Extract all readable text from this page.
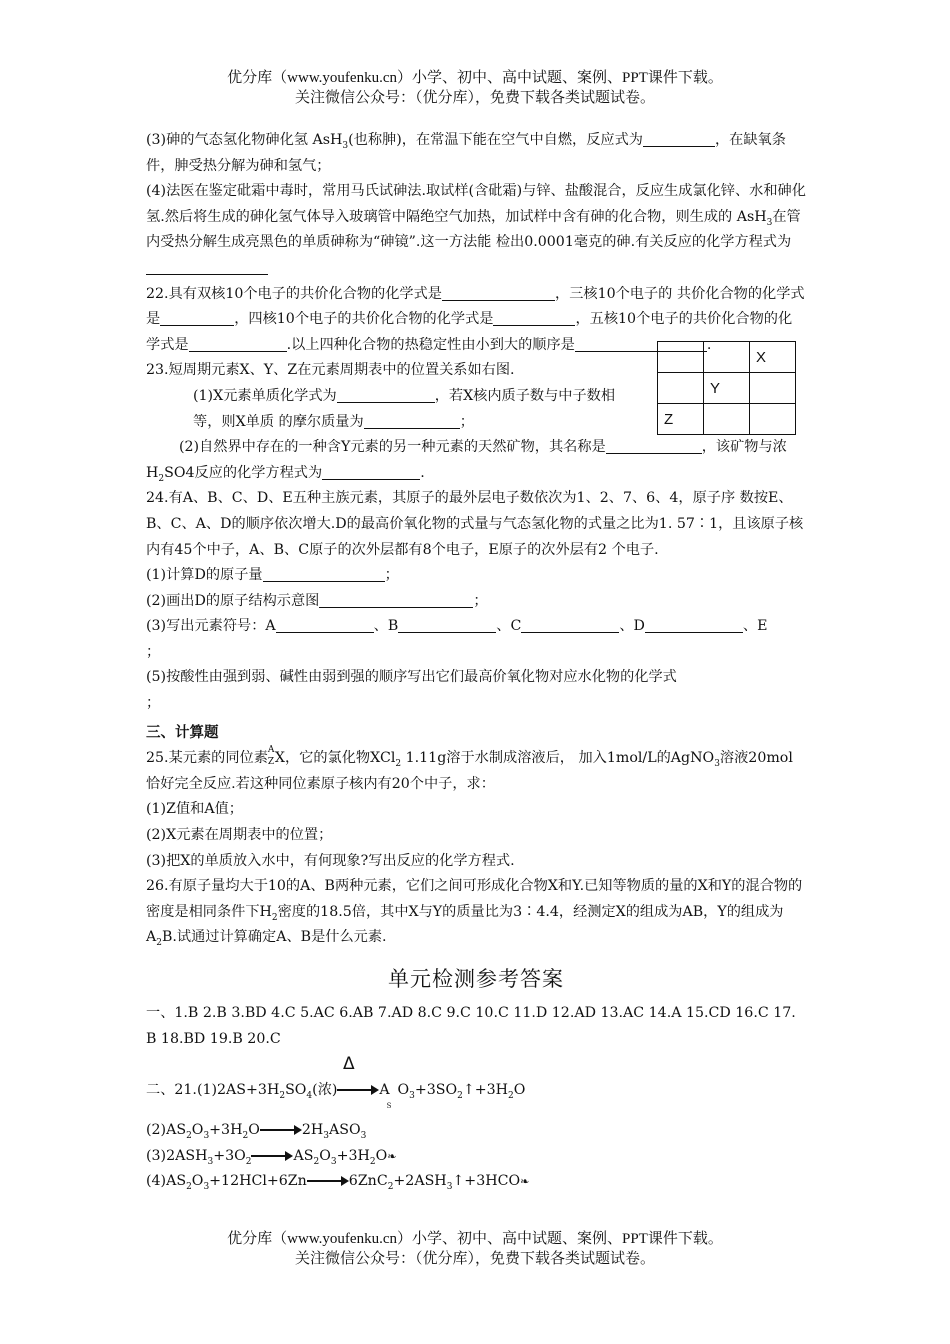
优分库（www.youfenku.cn）小学、初中、高中试题、案例、PPT课件下载。
关注微信公众号：（优分库），免费下载各类试题试卷。
		X
	Y	
Z		

(3)砷的气态氢化物砷化氢 AsH$_3$(也称胂)，在常温下能在空气中自燃，反应式为	，在缺氧条件，胂受热分解为砷和氢气；

(4)法医在鉴定砒霜中毒时，常用马氏试砷法.取试样(含砒霜)与锌、盐酸混合，反应生成氯化锌、水和砷化氢.然后将生成的砷化氢气体导入玻璃管中隔绝空气加热，加试样中含有砷的化合物，则生成的 AsH$_3$在管内受热分解生成亮黑色的单质砷称为“砷镜”.这一方法能 检出0.0001毫克的砷.有关反应的化学方程式为

22.具有双核10个电子的共价化合物的化学式是	，三核10个电子的 共价化合物的化学式是	，四核10个电子的共价化合物的化学式是	，五核10个电子的共价化合物的化学式是	.以上四种化合物的热稳定性由小到大的顺序是	.

23.短周期元素X、Y、Z在元素周期表中的位置关系如右图.

(1)X元素单质化学式为	，若X核内质子数与中子数相等，则X单质 的摩尔质量为	；

(2)自然界中存在的一种含Y元素的另一种元素的天然矿物，其名称是	，该矿物与浓$H_2SO4$反应的化学方程式为	.

24.有A、B、C、D、E五种主族元素，其原子的最外层电子数依次为1、2、7、6、4，原子序 数按E、B、C、A、D的顺序依次增大.D的最高价氧化物的式量与气态氢化物的式量之比为1. 57∶1，且该原子核内有45个中子，A、B、C原子的次外层都有8个电子，E原子的次外层有2 个电子.

(1)计算D的原子量	；

(2)画出D的原子结构示意图	；

(3)写出元素符号：A	、B	、C	、D	、E
；

(5)按酸性由强到弱、碱性由弱到强的顺序写出它们最高价氧化物对应水化物的化学式
；

三、计算题

25.某元素的同位素 A
Z X，它的氯化物XCl$_2$ 1.11g溶于水制成溶液后， 加入1mol/L的AgNO$_3$溶液20mol恰好完全反应.若这种同位素原子核内有20个中子，求：

(1)Z值和A值；

(2)X元素在周期表中的位置；

(3)把X的单质放入水中，有何现象?写出反应的化学方程式.

26.有原子量均大于10的A、B两种元素，它们之间可形成化合物X和Y.已知等物质的量的X和Y的混合物的密度是相同条件下$H_2$密度的18.5倍，其中X与Y的质量比为3∶4.4，经测定X的组成为AB，Y的组成为$A_2B$.试通过计算确定A、B是什么元素.

单元检测参考答案

一、1.B 2.B 3.BD 4.C 5.AC 6.AB 7.AD 8.C 9.C 10.C 11.D 12.AD 13.AC 14.A 15.CD 16.C 17.B 18.BD 19.B 20.C

Δ
二、$21.(1)2AS+3H_2SO_4$(浓)	$A_SO_3+3SO_2↑+3H_2O$

$(2)AS_2O_3+3H_2O$	$2H_3ASO_3$

$(3)2ASH_3+3O_2$	$AS_2O_3+3H_2O❧$

$(4)AS_2O_3+12HCl+6Zn$	$6ZnC_2+2ASH_3↑+3HCO❧$

优分库（www.youfenku.cn）小学、初中、高中试题、案例、PPT课件下载。
关注微信公众号：（优分库），免费下载各类试题试卷。
